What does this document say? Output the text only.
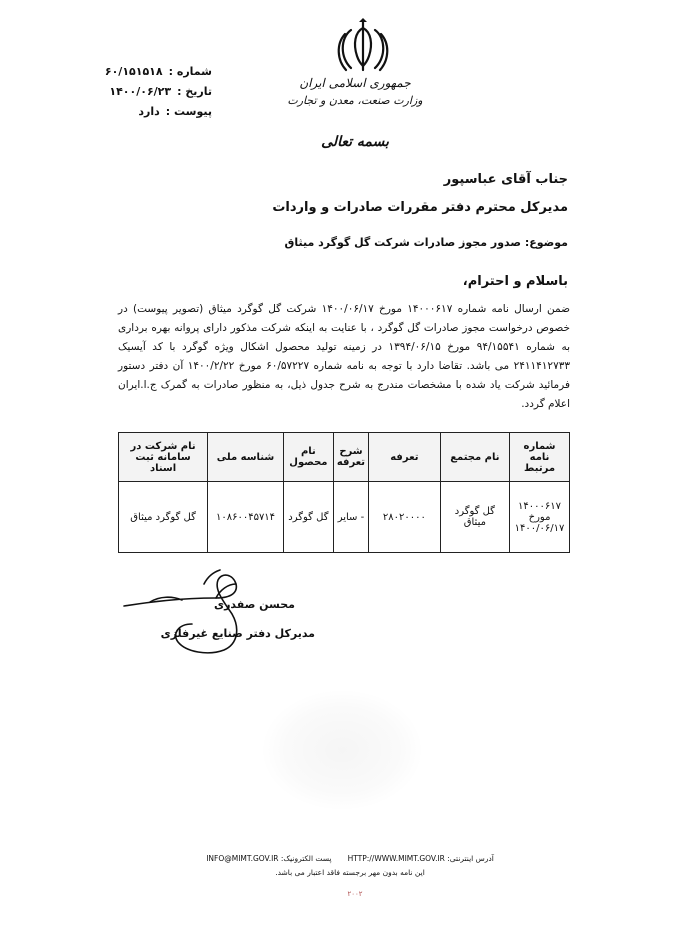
شماره :
۶۰/۱۵۱۵۱۸
تاریخ :
۱۴۰۰/۰۶/۲۳
پیوست :
دارد
جمهوری اسلامی ایران
وزارت صنعت، معدن و تجارت
بسمه تعالی
جناب آقای عباسپور
مدیرکل محترم دفتر مقررات صادرات و واردات
موضوع: صدور مجوز صادرات شرکت گل گوگرد میثاق
باسلام و احترام،

ضمن ارسال نامه شماره ۱۴۰۰۰۶۱۷ مورخ ۱۴۰۰/۰۶/۱۷ شرکت گل گوگرد میثاق (تصویر پیوست) در خصوص درخواست مجوز صادرات گل گوگرد ، با عنایت به اینکه شرکت مذکور دارای پروانه بهره برداری به شماره ۹۴/۱۵۵۴۱ مورخ ۱۳۹۴/۰۶/۱۵ در زمینه تولید محصول اشکال ویژه گوگرد با کد آیسیک ۲۴۱۱۴۱۲۷۳۳ می باشد. تقاضا دارد با توجه به نامه شماره ۶۰/۵۷۲۲۷ مورخ ۱۴۰۰/۲/۲۲ آن دفتر دستور فرمائید شرکت یاد شده با مشخصات مندرج به شرح جدول ذیل، به منظور صادرات به گمرک ج.ا.ایران اعلام گردد.

شماره نامه مرتبط	نام مجتمع	تعرفه	شرح تعرفه	نام محصول	شناسه ملی	نام شرکت در سامانه ثبت اسناد
۱۴۰۰۰۶۱۷ مورخ ۱۴۰۰/۰۶/۱۷	گل گوگرد میثاق	۲۸۰۲۰۰۰۰	- سایر	گل گوگرد	۱۰۸۶۰۰۴۵۷۱۴	گل گوگرد میثاق
محسن صفدری
مدیرکل دفتر صنایع غیرفلزی
آدرس اینترنتی: HTTP://WWW.MIMT.GOV.IR
پست الکترونیک: INFO@MIMT.GOV.IR
این نامه بدون مهر برجسته فاقد اعتبار می باشد.
۲۰۰۲
